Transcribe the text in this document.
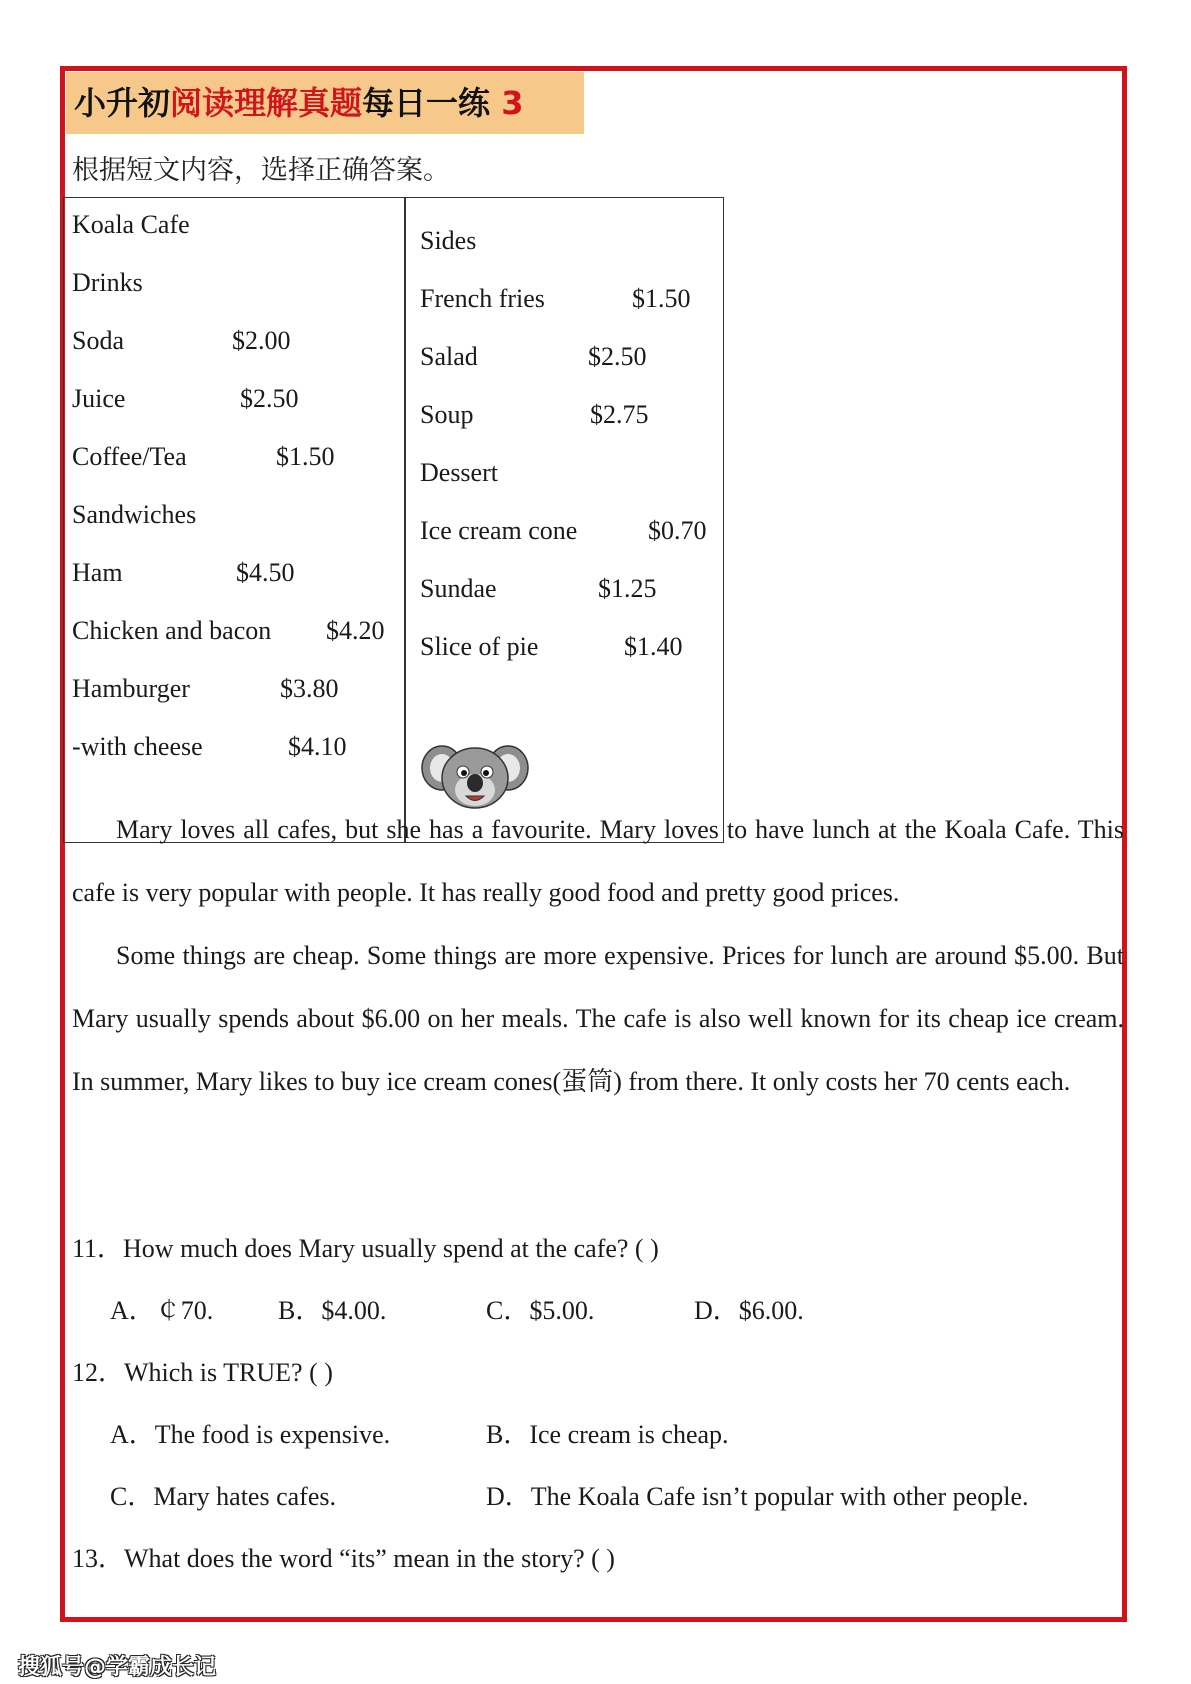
小升初阅读理解真题每日一练 3
根据短文内容，选择正确答案。
Koala Cafe
Drinks
Soda	$2.00
Juice	$2.50
Coffee/Tea	$1.50
Sandwiches
Ham	$4.50
Chicken and bacon $4.20
Hamburger	$3.80
-with cheese	$4.10
Sides
French fries	$1.50
Salad	$2.50
Soup	$2.75
Dessert
Ice cream cone	$0.70
Sundae	$1.25
Slice of pie	$1.40
Mary loves all cafes, but she has a favourite. Mary loves to have lunch at the Koala Cafe. This cafe is very popular with people. It has really good food and pretty good prices.
Some things are cheap. Some things are more expensive. Prices for lunch are around $5.00. But Mary usually spends about $6.00 on her meals. The cafe is also well known for its cheap ice cream. In summer, Mary likes to buy ice cream cones(蛋筒) from there. It only costs her 70 cents each.
11．How much does Mary usually spend at the cafe? ( )
A．￠70. B．$4.00.	C．$5.00.	D．$6.00.
12．Which is TRUE? ( )
A．The food is expensive.	B．Ice cream is cheap.
C．Mary hates cafes.	D．The Koala Cafe isn’t popular with other people.
13．What does the word “its” mean in the story? ( )
搜狐号@学霸成长记
